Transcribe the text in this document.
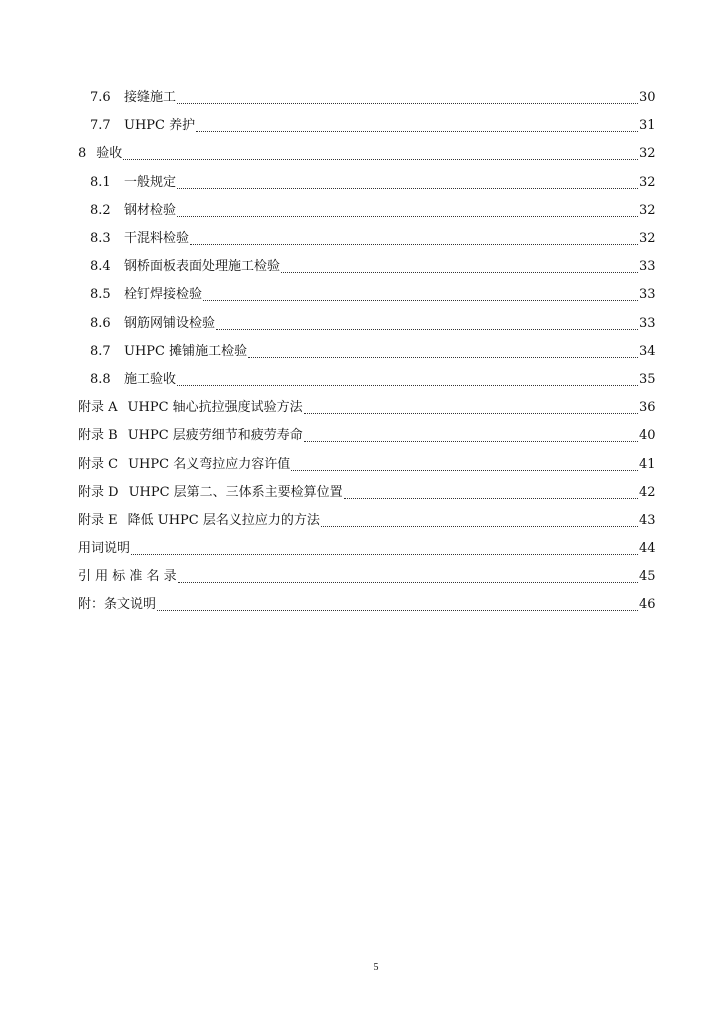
7.6	接缝施工	30
7.7	UHPC 养护	31
8 验收	32
8.1	一般规定	32
8.2	钢材检验	32
8.3	干混料检验	32
8.4	钢桥面板表面处理施工检验	33
8.5	栓钉焊接检验	33
8.6	钢筋网铺设检验	33
8.7	UHPC 摊铺施工检验	34
8.8	施工验收	35
附录 A UHPC 轴心抗拉强度试验方法	36
附录 B UHPC 层疲劳细节和疲劳寿命	40
附录 C UHPC 名义弯拉应力容许值	41
附录 D UHPC 层第二、三体系主要检算位置	42
附录 E 降低 UHPC 层名义拉应力的方法	43
用词说明	44
引 用 标 准 名 录	45
附：条文说明	46
5
